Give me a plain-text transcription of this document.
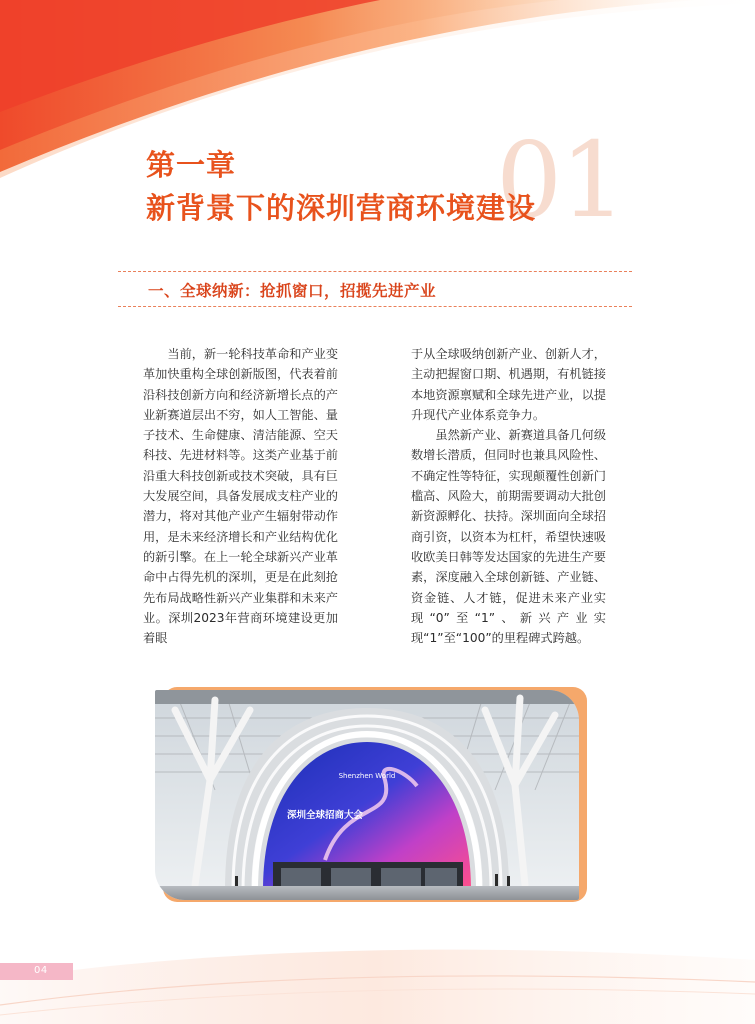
01
第一章
新背景下的深圳营商环境建设
一、全球纳新：抢抓窗口，招揽先进产业

当前，新一轮科技革命和产业变革加快重构全球创新版图，代表着前沿科技创新方向和经济新增长点的产业新赛道层出不穷，如人工智能、量子技术、生命健康、清洁能源、空天科技、先进材料等。这类产业基于前沿重大科技创新或技术突破，具有巨大发展空间，具备发展成支柱产业的潜力，将对其他产业产生辐射带动作用，是未来经济增长和产业结构优化的新引擎。在上一轮全球新兴产业革命中占得先机的深圳，更是在此刻抢先布局战略性新兴产业集群和未来产业。深圳2023年营商环境建设更加着眼

于从全球吸纳创新产业、创新人才，主动把握窗口期、机遇期，有机链接本地资源禀赋和全球先进产业，以提升现代产业体系竞争力。

虽然新产业、新赛道具备几何级数增长潜质，但同时也兼具风险性、不确定性等特征，实现颠覆性创新门槛高、风险大，前期需要调动大批创新资源孵化、扶持。深圳面向全球招商引资，以资本为杠杆，希望快速吸收欧美日韩等发达国家的先进生产要素，深度融入全球创新链、产业链、资金链、人才链，促进未来产业实现“0”至“1”、新兴产业实现“1”至“100”的里程碑式跨越。

Shenzhen World
深圳全球招商大会
04
